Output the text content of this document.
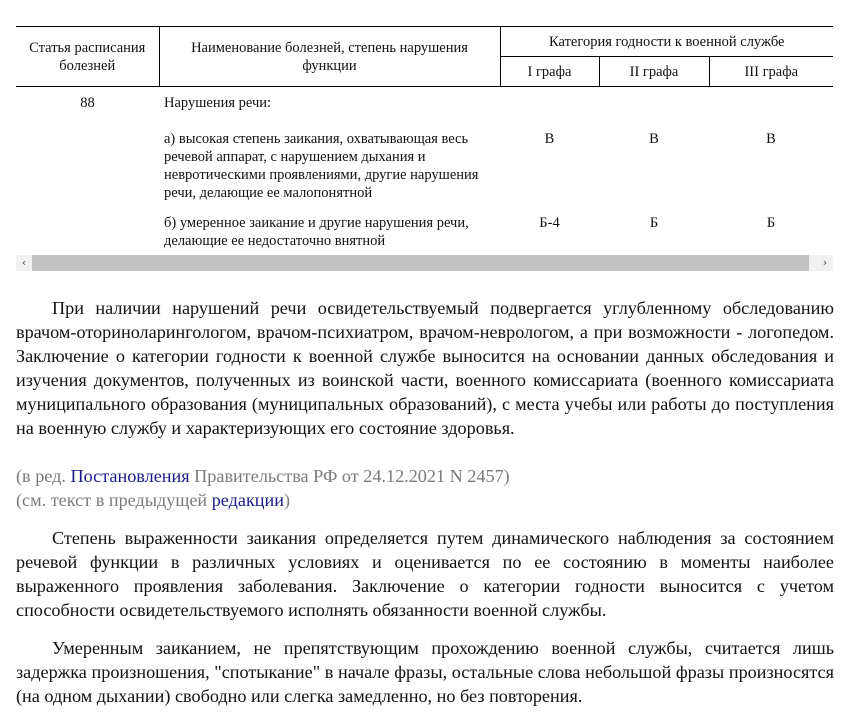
Статья расписания болезней	Наименование болезней, степень нарушения функции	Категория годности к военной службе		
		I графа	II графа	III графа
88	Нарушения речи:			
	а) высокая степень заикания, охватывающая весь речевой аппарат, с нарушением дыхания и невротическими проявлениями, другие нарушения речи, делающие ее малопонятной	В	В	В
	б) умеренное заикание и другие нарушения речи, делающие ее недостаточно внятной	Б-4	Б	Б
‹	›

При наличии нарушений речи освидетельствуемый подвергается углубленному обследованию врачом-оториноларингологом, врачом-психиатром, врачом-неврологом, а при возможности - логопедом. Заключение о категории годности к военной службе выносится на основании данных обследования и изучения документов, полученных из воинской части, военного комиссариата (военного комиссариата муниципального образования (муниципальных образований), с места учебы или работы до поступления на военную службу и характеризующих его состояние здоровья.

(в ред. Постановления Правительства РФ от 24.12.2021 N 2457)
(см. текст в предыдущей редакции)

Степень выраженности заикания определяется путем динамического наблюдения за состоянием речевой функции в различных условиях и оценивается по ее состоянию в моменты наиболее выраженного проявления заболевания. Заключение о категории годности выносится с учетом способности освидетельствуемого исполнять обязанности военной службы.

Умеренным заиканием, не препятствующим прохождению военной службы, считается лишь задержка произношения, "спотыкание" в начале фразы, остальные слова небольшой фразы произносятся (на одном дыхании) свободно или слегка замедленно, но без повторения.
